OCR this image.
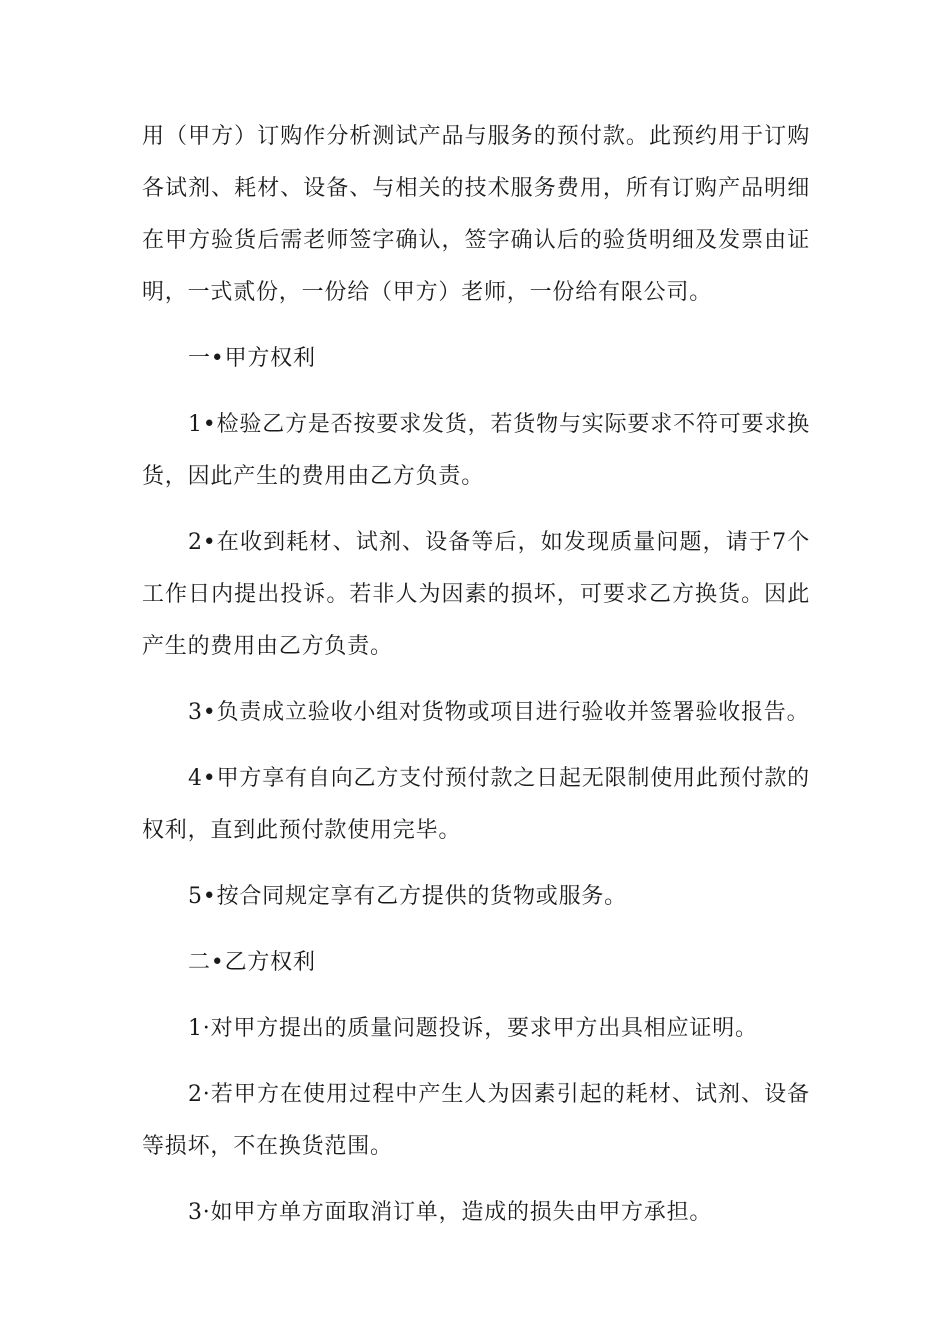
用（甲方）订购作分析测试产品与服务的预付款。此预约用于订购各试剂、耗材、设备、与相关的技术服务费用，所有订购产品明细在甲方验货后需老师签字确认，签字确认后的验货明细及发票由证明，一式贰份，一份给（甲方）老师，一份给有限公司。

一•甲方权利

1•检验乙方是否按要求发货，若货物与实际要求不符可要求换货，因此产生的费用由乙方负责。

2•在收到耗材、试剂、设备等后，如发现质量问题，请于7个工作日内提出投诉。若非人为因素的损坏，可要求乙方换货。因此产生的费用由乙方负责。

3•负责成立验收小组对货物或项目进行验收并签署验收报告。

4•甲方享有自向乙方支付预付款之日起无限制使用此预付款的权利，直到此预付款使用完毕。

5•按合同规定享有乙方提供的货物或服务。

二•乙方权利

1·对甲方提出的质量问题投诉，要求甲方出具相应证明。

2·若甲方在使用过程中产生人为因素引起的耗材、试剂、设备等损坏，不在换货范围。

3·如甲方单方面取消订单，造成的损失由甲方承担。
